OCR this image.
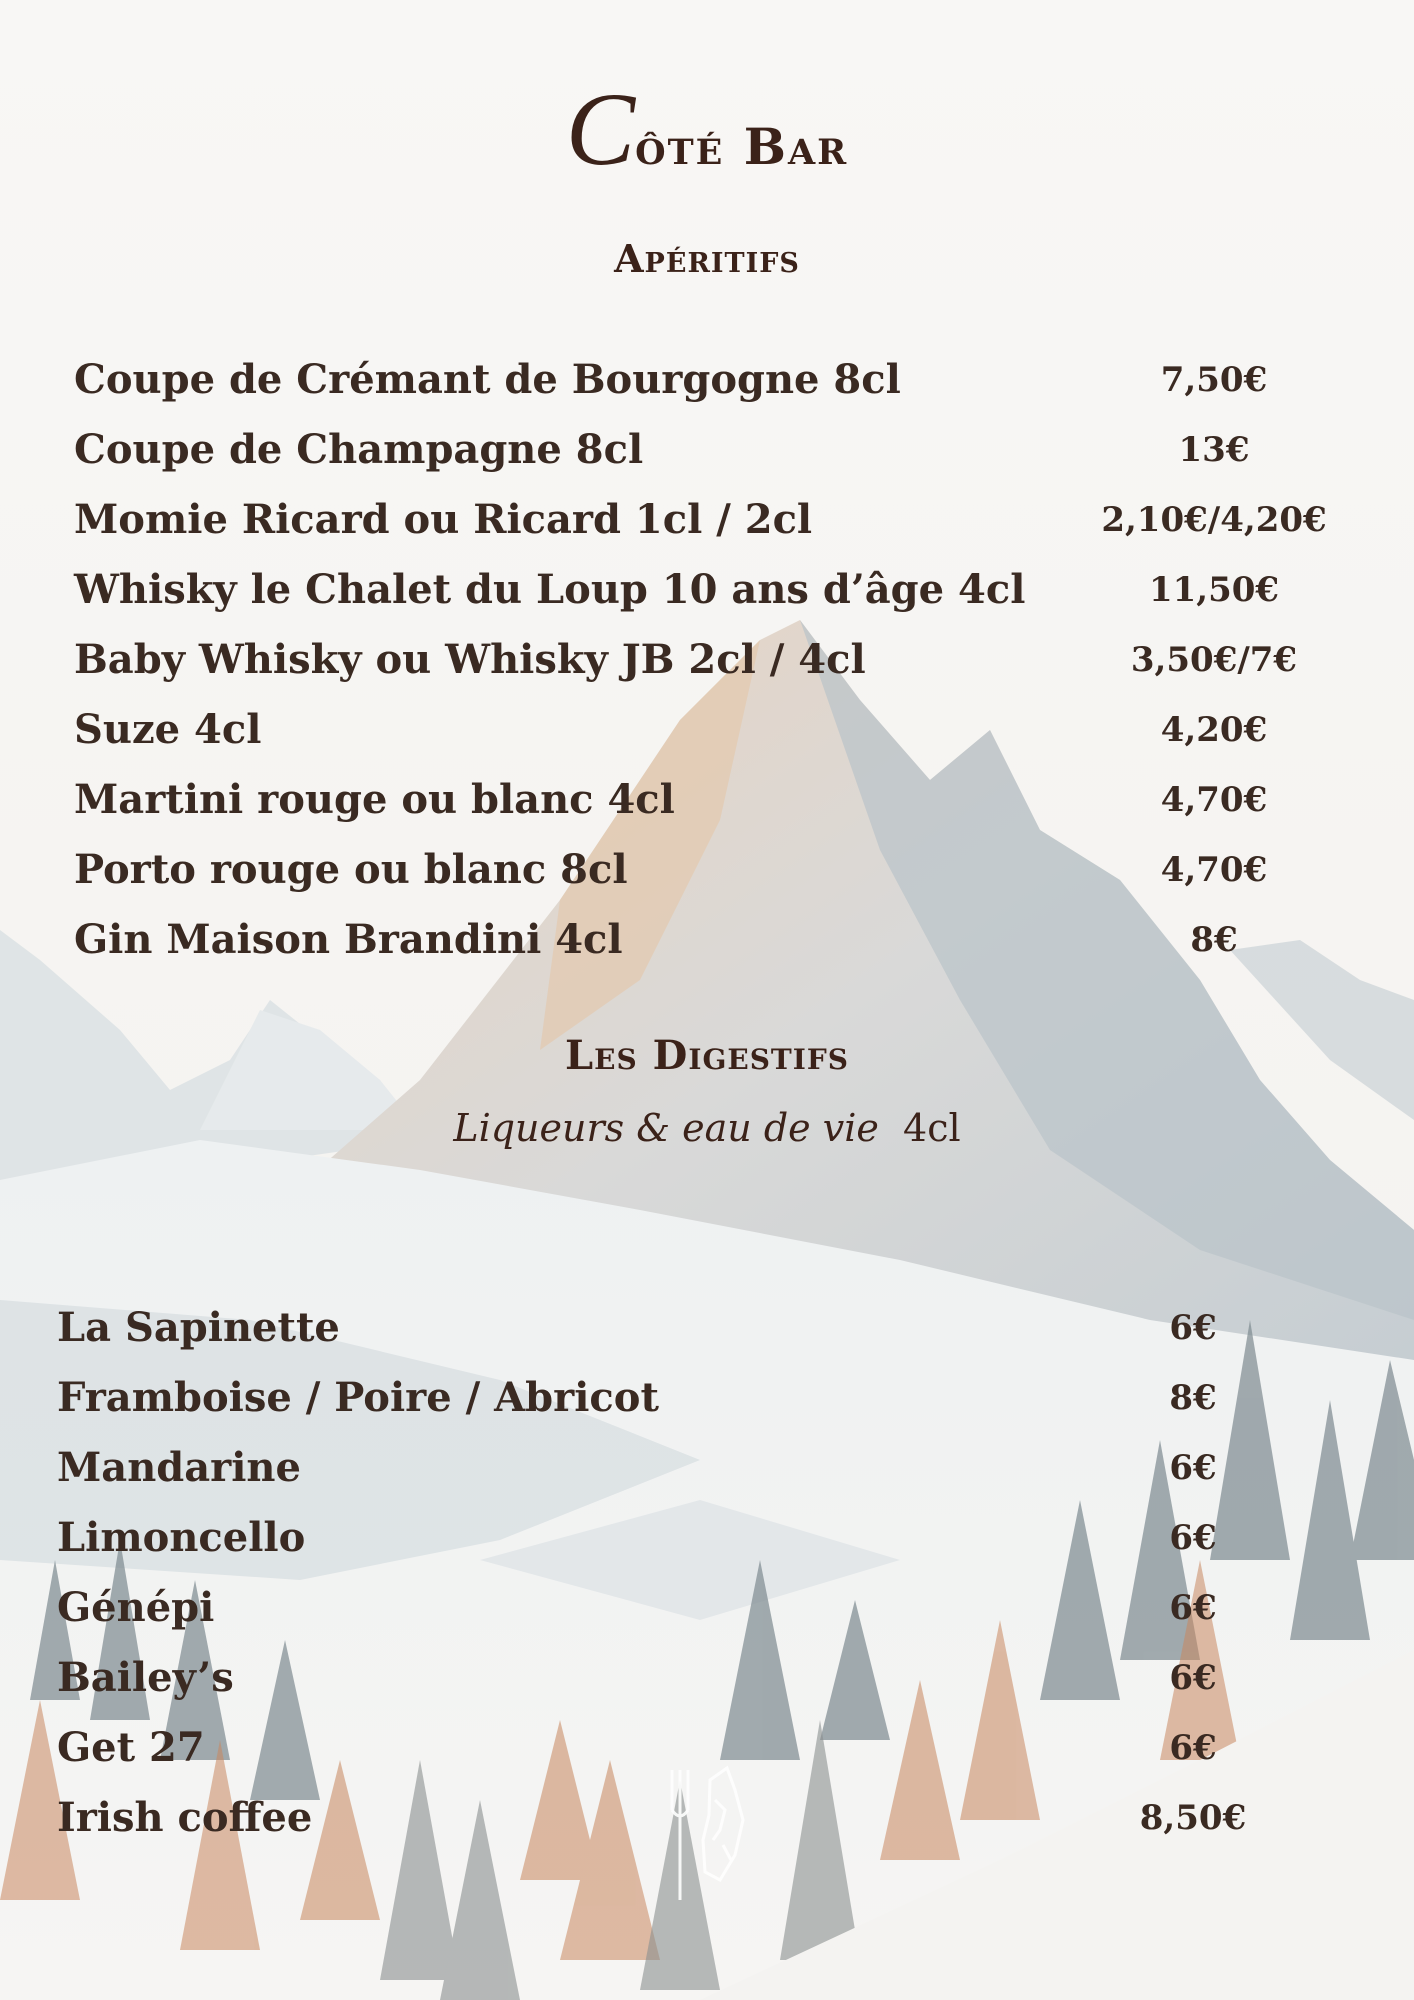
Côté Bar
Apéritifs
Coupe de Crémant de Bourgogne 8cl	7,50€
Coupe de Champagne 8cl	13€
Momie Ricard ou Ricard 1cl / 2cl	2,10€/4,20€
Whisky le Chalet du Loup 10 ans d’âge 4cl	11,50€
Baby Whisky ou Whisky JB 2cl / 4cl	3,50€/7€
Suze 4cl	4,20€
Martini rouge ou blanc 4cl	4,70€
Porto rouge ou blanc 8cl	4,70€
Gin Maison Brandini 4cl	8€
Les Digestifs
Liqueurs & eau de vie 4cl
La Sapinette	6€
Framboise / Poire / Abricot	8€
Mandarine	6€
Limoncello	6€
Génépi	6€
Bailey’s	6€
Get 27	6€
Irish coffee	8,50€
